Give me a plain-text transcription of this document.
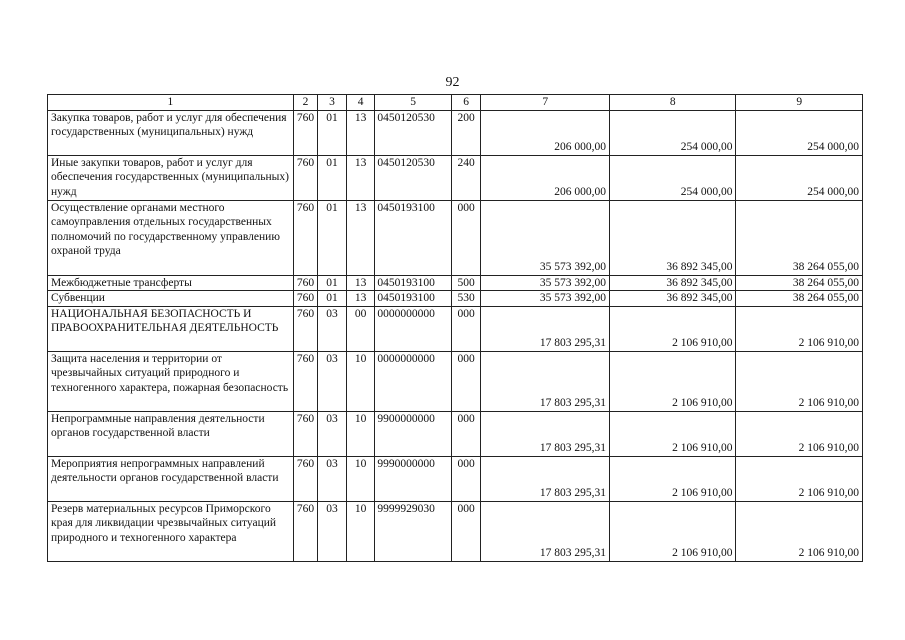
92
1	2	3	4	5	6	7	8	9
Закупка товаров, работ и услуг для обеспечения государственных (муниципальных) нужд	760	01	13	0450120530	200	206 000,00	254 000,00	254 000,00
Иные закупки товаров, работ и услуг для обеспечения государственных (муниципальных) нужд	760	01	13	0450120530	240	206 000,00	254 000,00	254 000,00
Осуществление органами местного самоуправления отдельных государственных полномочий по государственному управлению охраной труда	760	01	13	0450193100	000	35 573 392,00	36 892 345,00	38 264 055,00
Межбюджетные трансферты	760	01	13	0450193100	500	35 573 392,00	36 892 345,00	38 264 055,00
Субвенции	760	01	13	0450193100	530	35 573 392,00	36 892 345,00	38 264 055,00
НАЦИОНАЛЬНАЯ БЕЗОПАСНОСТЬ И ПРАВООХРАНИТЕЛЬНАЯ ДЕЯТЕЛЬНОСТЬ	760	03	00	0000000000	000	17 803 295,31	2 106 910,00	2 106 910,00
Защита населения и территории от чрезвычайных ситуаций природного и техногенного характера, пожарная безопасность	760	03	10	0000000000	000	17 803 295,31	2 106 910,00	2 106 910,00
Непрограммные направления деятельности органов государственной власти	760	03	10	9900000000	000	17 803 295,31	2 106 910,00	2 106 910,00
Мероприятия непрограммных направлений деятельности органов государственной власти	760	03	10	9990000000	000	17 803 295,31	2 106 910,00	2 106 910,00
Резерв материальных ресурсов Приморского края для ликвидации чрезвычайных ситуаций природного и техногенного характера	760	03	10	9999929030	000	17 803 295,31	2 106 910,00	2 106 910,00
